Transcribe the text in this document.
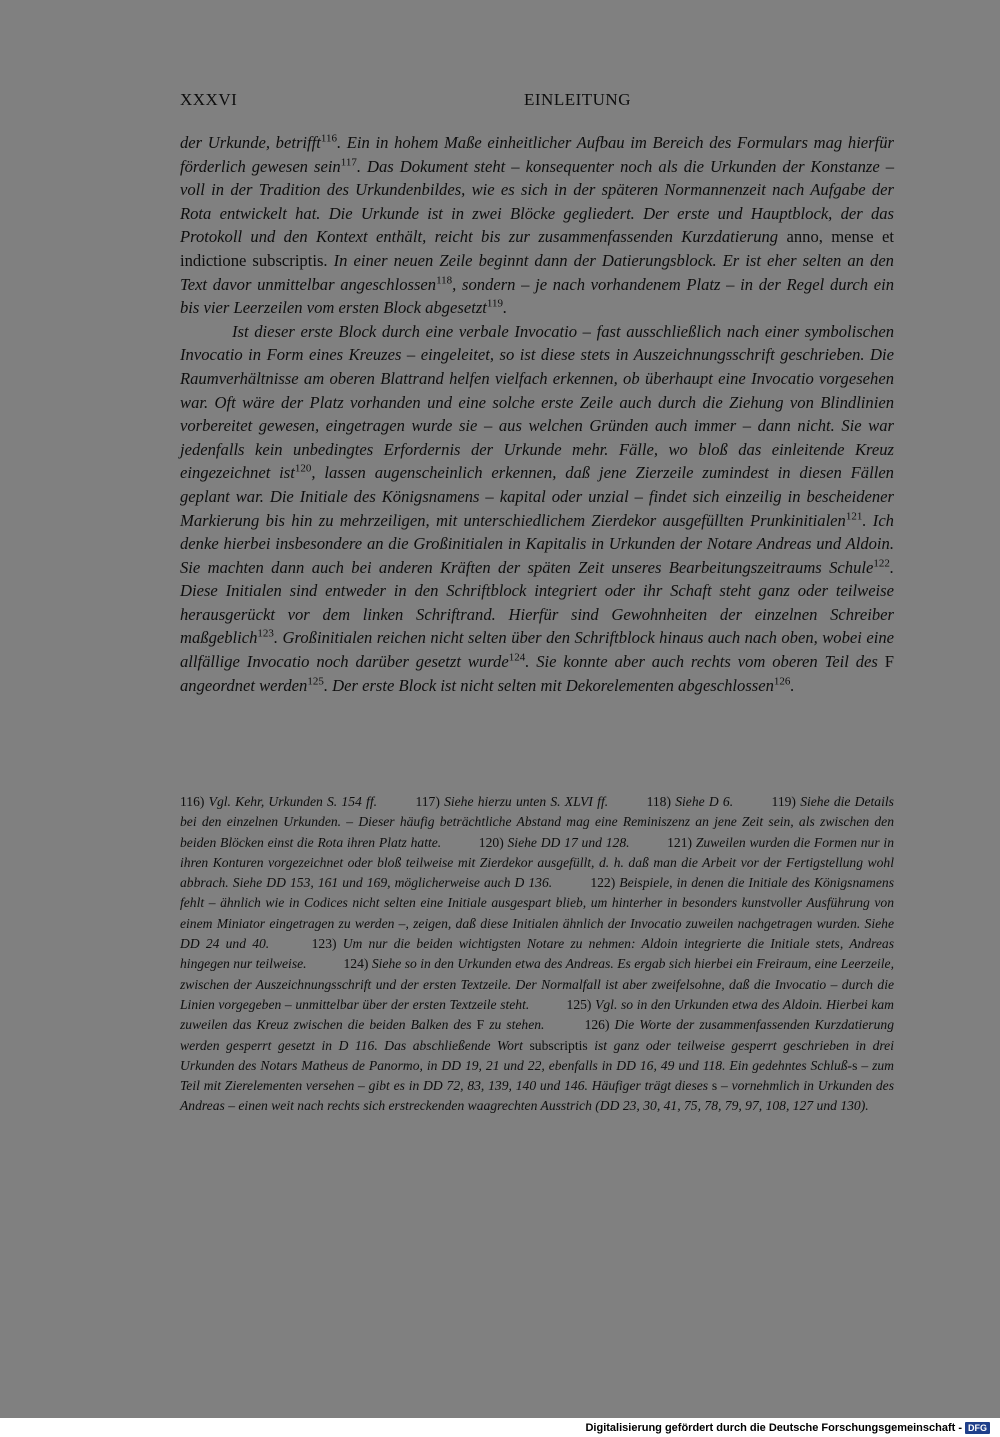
XXXVI	EINLEITUNG

der Urkunde, betrifft$^{116}$. Ein in hohem Maße einheitlicher Aufbau im Bereich des Formulars mag hierfür förderlich gewesen sein$^{117}$. Das Dokument steht – konsequenter noch als die Urkunden der Konstanze – voll in der Tradition des Urkundenbildes, wie es sich in der späteren Normannenzeit nach Aufgabe der Rota entwickelt hat. Die Urkunde ist in zwei Blöcke gegliedert. Der erste und Hauptblock, der das Protokoll und den Kontext enthält, reicht bis zur zusammenfassenden Kurzdatierung anno, mense et indictione subscriptis. In einer neuen Zeile beginnt dann der Datierungsblock. Er ist eher selten an den Text davor unmittelbar angeschlossen$^{118}$, sondern – je nach vorhandenem Platz – in der Regel durch ein bis vier Leerzeilen vom ersten Block abgesetzt$^{119}$.

Ist dieser erste Block durch eine verbale Invocatio – fast ausschließlich nach einer symbolischen Invocatio in Form eines Kreuzes – eingeleitet, so ist diese stets in Auszeichnungsschrift geschrieben. Die Raumverhältnisse am oberen Blattrand helfen vielfach erkennen, ob überhaupt eine Invocatio vorgesehen war. Oft wäre der Platz vorhanden und eine solche erste Zeile auch durch die Ziehung von Blindlinien vorbereitet gewesen, eingetragen wurde sie – aus welchen Gründen auch immer – dann nicht. Sie war jedenfalls kein unbedingtes Erfordernis der Urkunde mehr. Fälle, wo bloß das einleitende Kreuz eingezeichnet ist$^{120}$, lassen augenscheinlich erkennen, daß jene Zierzeile zumindest in diesen Fällen geplant war. Die Initiale des Königsnamens – kapital oder unzial – findet sich einzeilig in bescheidener Markierung bis hin zu mehrzeiligen, mit unterschiedlichem Zierdekor ausgefüllten Prunkinitialen$^{121}$. Ich denke hierbei insbesondere an die Großinitialen in Kapitalis in Urkunden der Notare Andreas und Aldoin. Sie machten dann auch bei anderen Kräften der späten Zeit unseres Bearbeitungszeitraums Schule$^{122}$. Diese Initialen sind entweder in den Schriftblock integriert oder ihr Schaft steht ganz oder teilweise herausgerückt vor dem linken Schriftrand. Hierfür sind Gewohnheiten der einzelnen Schreiber maßgeblich$^{123}$. Großinitialen reichen nicht selten über den Schriftblock hinaus auch nach oben, wobei eine allfällige Invocatio noch darüber gesetzt wurde$^{124}$. Sie konnte aber auch rechts vom oberen Teil des F angeordnet werden$^{125}$. Der erste Block ist nicht selten mit Dekorelementen abgeschlossen$^{126}$.

116) Vgl. Kehr, Urkunden S. 154 ff.	117) Siehe hierzu unten S. XLVI ff.	118) Siehe D 6.	119) Siehe die Details bei den einzelnen Urkunden. – Dieser häufig beträchtliche Abstand mag eine Reminiszenz an jene Zeit sein, als zwischen den beiden Blöcken einst die Rota ihren Platz hatte.	120) Siehe DD 17 und 128.	121) Zuweilen wurden die Formen nur in ihren Konturen vorgezeichnet oder bloß teilweise mit Zierdekor ausgefüllt, d. h. daß man die Arbeit vor der Fertigstellung wohl abbrach. Siehe DD 153, 161 und 169, möglicherweise auch D 136.	122) Beispiele, in denen die Initiale des Königsnamens fehlt – ähnlich wie in Codices nicht selten eine Initiale ausgespart blieb, um hinterher in besonders kunstvoller Ausführung von einem Miniator eingetragen zu werden –, zeigen, daß diese Initialen ähnlich der Invocatio zuweilen nachgetragen wurden. Siehe DD 24 und 40.	123) Um nur die beiden wichtigsten Notare zu nehmen: Aldoin integrierte die Initiale stets, Andreas hingegen nur teilweise.	124) Siehe so in den Urkunden etwa des Andreas. Es ergab sich hierbei ein Freiraum, eine Leerzeile, zwischen der Auszeichnungsschrift und der ersten Textzeile. Der Normalfall ist aber zweifelsohne, daß die Invocatio – durch die Linien vorgegeben – unmittelbar über der ersten Textzeile steht.	125) Vgl. so in den Urkunden etwa des Aldoin. Hierbei kam zuweilen das Kreuz zwischen die beiden Balken des F zu stehen.	126) Die Worte der zusammenfassenden Kurzdatierung werden gesperrt gesetzt in D 116. Das abschließende Wort subscriptis ist ganz oder teilweise gesperrt geschrieben in drei Urkunden des Notars Matheus de Panormo, in DD 19, 21 und 22, ebenfalls in DD 16, 49 und 118. Ein gedehntes Schluß-s – zum Teil mit Zierelementen versehen – gibt es in DD 72, 83, 139, 140 und 146. Häufiger trägt dieses s – vornehmlich in Urkunden des Andreas – einen weit nach rechts sich erstreckenden waagrechten Ausstrich (DD 23, 30, 41, 75, 78, 79, 97, 108, 127 und 130).
Digitalisierung gefördert durch die Deutsche Forschungsgemeinschaft - DFG
